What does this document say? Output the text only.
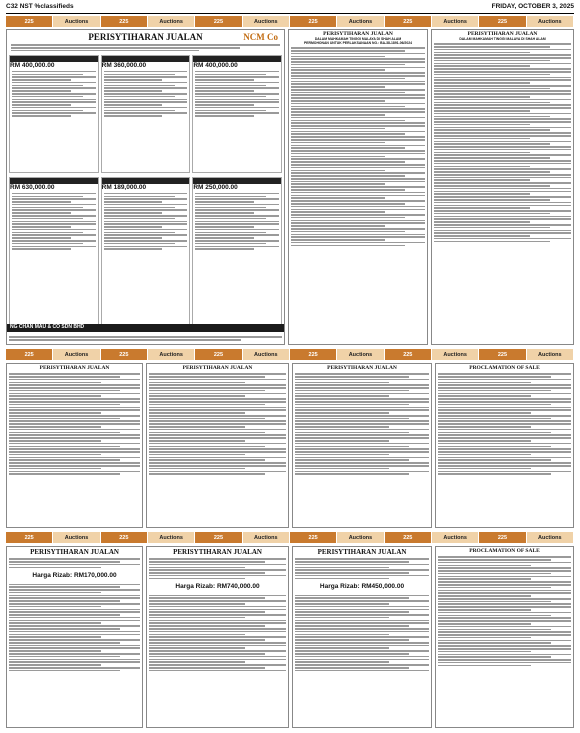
C32 NST %classifieds	FRIDAY, OCTOBER 3, 2025
225	Auctions	225	Auctions	225	Auctions	225	Auctions	225	Auctions	225	Auctions
PERISYTIHARAN JUALAN	NCM Co

RM 400,000.00
	RM 360,000.00
	RM 400,000.00

RM 630,000.00
	RM 189,000.00
	RM 250,000.00
NG CHAN MAU & CO SDN BHD
PERISYTIHARAN JUALAN
DALAM MAHKAMAH TINGGI MALAYA DI SHAH ALAM
PERMOHONAN UNTUK PERLAKSANAAN NO.: BA-38-1891-06/2024
PERISYTIHARAN JUALAN
DALAM MAHKAMAH TINGGI MALAYA DI SHAH ALAM
225	Auctions	225	Auctions	225	Auctions	225	Auctions	225	Auctions	225	Auctions
PERISYTIHARAN JUALAN	PERISYTIHARAN JUALAN	PERISYTIHARAN JUALAN	PROCLAMATION OF SALE
225	Auctions	225	Auctions	225	Auctions	225	Auctions	225	Auctions	225	Auctions
PERISYTIHARAN JUALAN
Harga Rizab: RM170,000.00
PERISYTIHARAN JUALAN
Harga Rizab: RM740,000.00
PERISYTIHARAN JUALAN
Harga Rizab: RM450,000.00
PROCLAMATION OF SALE
